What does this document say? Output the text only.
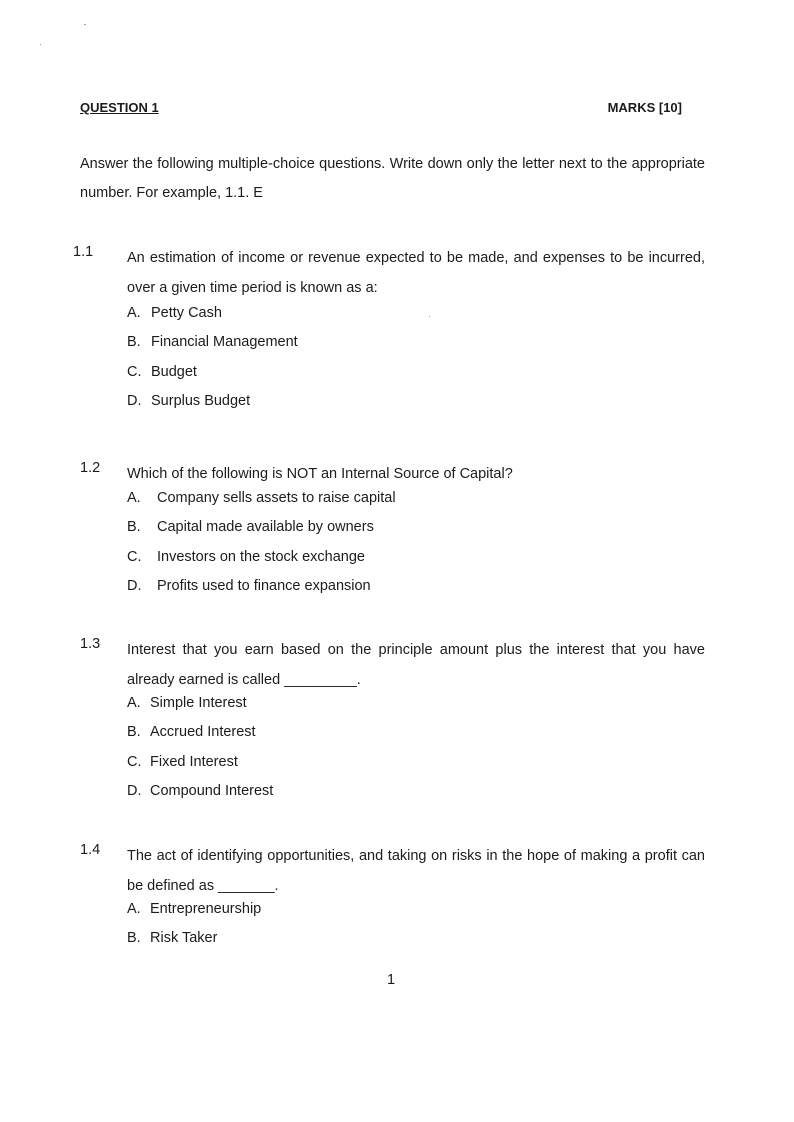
QUESTION 1	MARKS [10]
Answer the following multiple-choice questions. Write down only the letter next to the appropriate number. For example, 1.1. E
1.1 An estimation of income or revenue expected to be made, and expenses to be incurred, over a given time period is known as a:
A. Petty Cash
B. Financial Management
C. Budget
D. Surplus Budget
1.2 Which of the following is NOT an Internal Source of Capital?
A. Company sells assets to raise capital
B. Capital made available by owners
C. Investors on the stock exchange
D. Profits used to finance expansion
1.3 Interest that you earn based on the principle amount plus the interest that you have already earned is called _________.
A. Simple Interest
B. Accrued Interest
C. Fixed Interest
D. Compound Interest
1.4 The act of identifying opportunities, and taking on risks in the hope of making a profit can be defined as _______.
A. Entrepreneurship
B. Risk Taker
1
